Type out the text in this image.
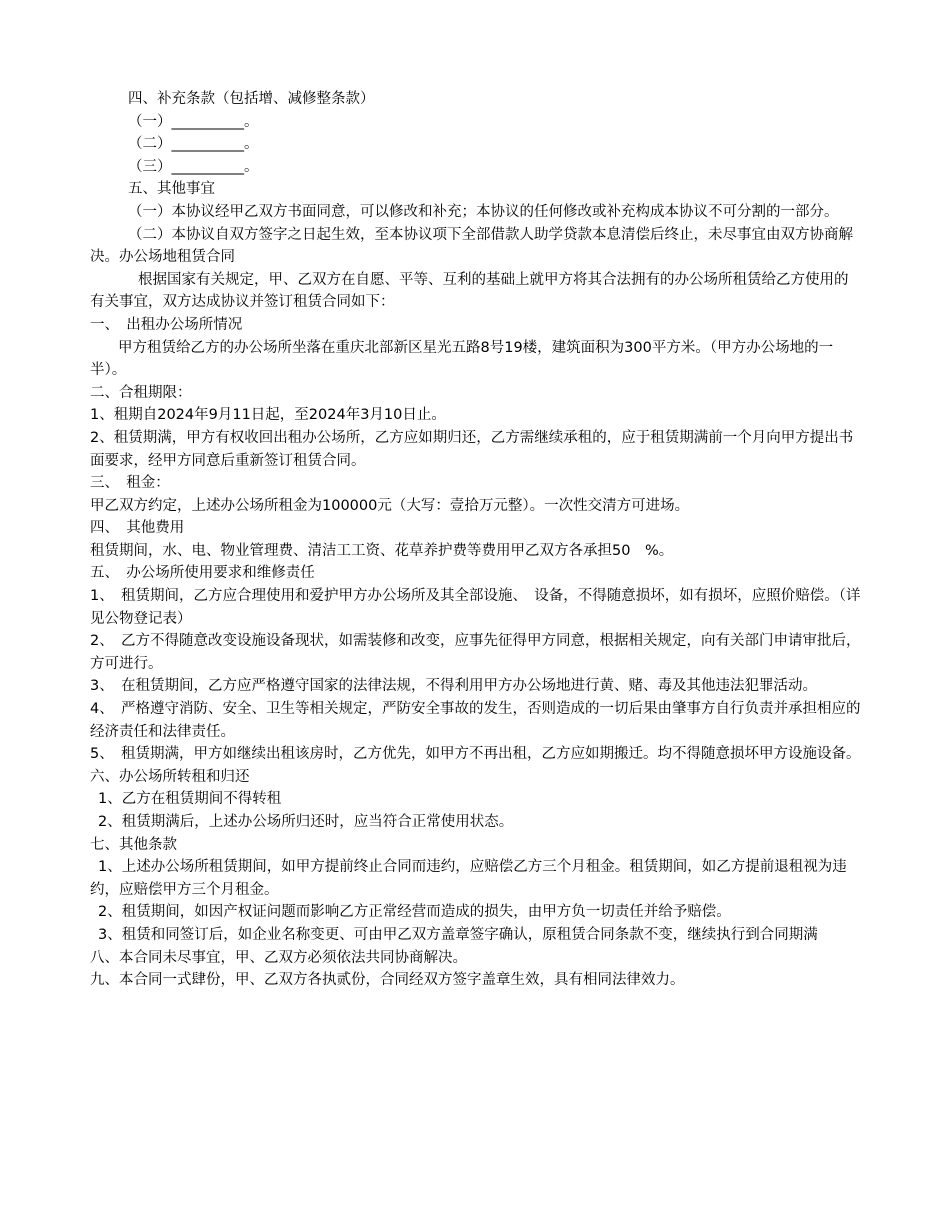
四、补充条款（包括增、减修整条款）

（一）__________。

（二）__________。

（三）__________。

五、其他事宜

（一）本协议经甲乙双方书面同意，可以修改和补充；本协议的任何修改或补充构成本协议不可分割的一部分。

（二）本协议自双方签字之日起生效，至本协议项下全部借款人助学贷款本息清偿后终止，未尽事宜由双方协商解决。办公场地租赁合同

根据国家有关规定，甲、乙双方在自愿、平等、互利的基础上就甲方将其合法拥有的办公场所租赁给乙方使用的有关事宜，双方达成协议并签订租赁合同如下：

一、　出租办公场所情况

甲方租赁给乙方的办公场所坐落在重庆北部新区星光五路8号19楼，建筑面积为300平方米。（甲方办公场地的一半）。

二、合租期限：

1、租期自2024年9月11日起，至2024年3月10日止。

2、租赁期满，甲方有权收回出租办公场所，乙方应如期归还，乙方需继续承租的，应于租赁期满前一个月向甲方提出书面要求，经甲方同意后重新签订租赁合同。

三、　租金：

甲乙双方约定，上述办公场所租金为100000元（大写：壹拾万元整）。一次性交清方可进场。

四、　其他费用

租赁期间，水、电、物业管理费、清洁工工资、花草养护费等费用甲乙双方各承担50　%。

五、　办公场所使用要求和维修责任

1、　租赁期间，乙方应合理使用和爱护甲方办公场所及其全部设施、　设备，不得随意损坏，如有损坏，应照价赔偿。（详见公物登记表）

2、　乙方不得随意改变设施设备现状，如需装修和改变，应事先征得甲方同意，根据相关规定，向有关部门申请审批后，方可进行。

3、　在租赁期间，乙方应严格遵守国家的法律法规，不得利用甲方办公场地进行黄、赌、毒及其他违法犯罪活动。

4、　严格遵守消防、安全、卫生等相关规定，严防安全事故的发生，否则造成的一切后果由肇事方自行负责并承担相应的经济责任和法律责任。

5、　租赁期满，甲方如继续出租该房时，乙方优先，如甲方不再出租，乙方应如期搬迁。均不得随意损坏甲方设施设备。

六、办公场所转租和归还

1、乙方在租赁期间不得转租

2、租赁期满后，上述办公场所归还时，应当符合正常使用状态。

七、其他条款

1、上述办公场所租赁期间，如甲方提前终止合同而违约，应赔偿乙方三个月租金。租赁期间，如乙方提前退租视为违约，应赔偿甲方三个月租金。

2、租赁期间，如因产权证问题而影响乙方正常经营而造成的损失，由甲方负一切责任并给予赔偿。

3、租赁和同签订后，如企业名称变更、可由甲乙双方盖章签字确认，原租赁合同条款不变，继续执行到合同期满

八、本合同未尽事宜，甲、乙双方必须依法共同协商解决。

九、本合同一式肆份，甲、乙双方各执贰份，合同经双方签字盖章生效，具有相同法律效力。
